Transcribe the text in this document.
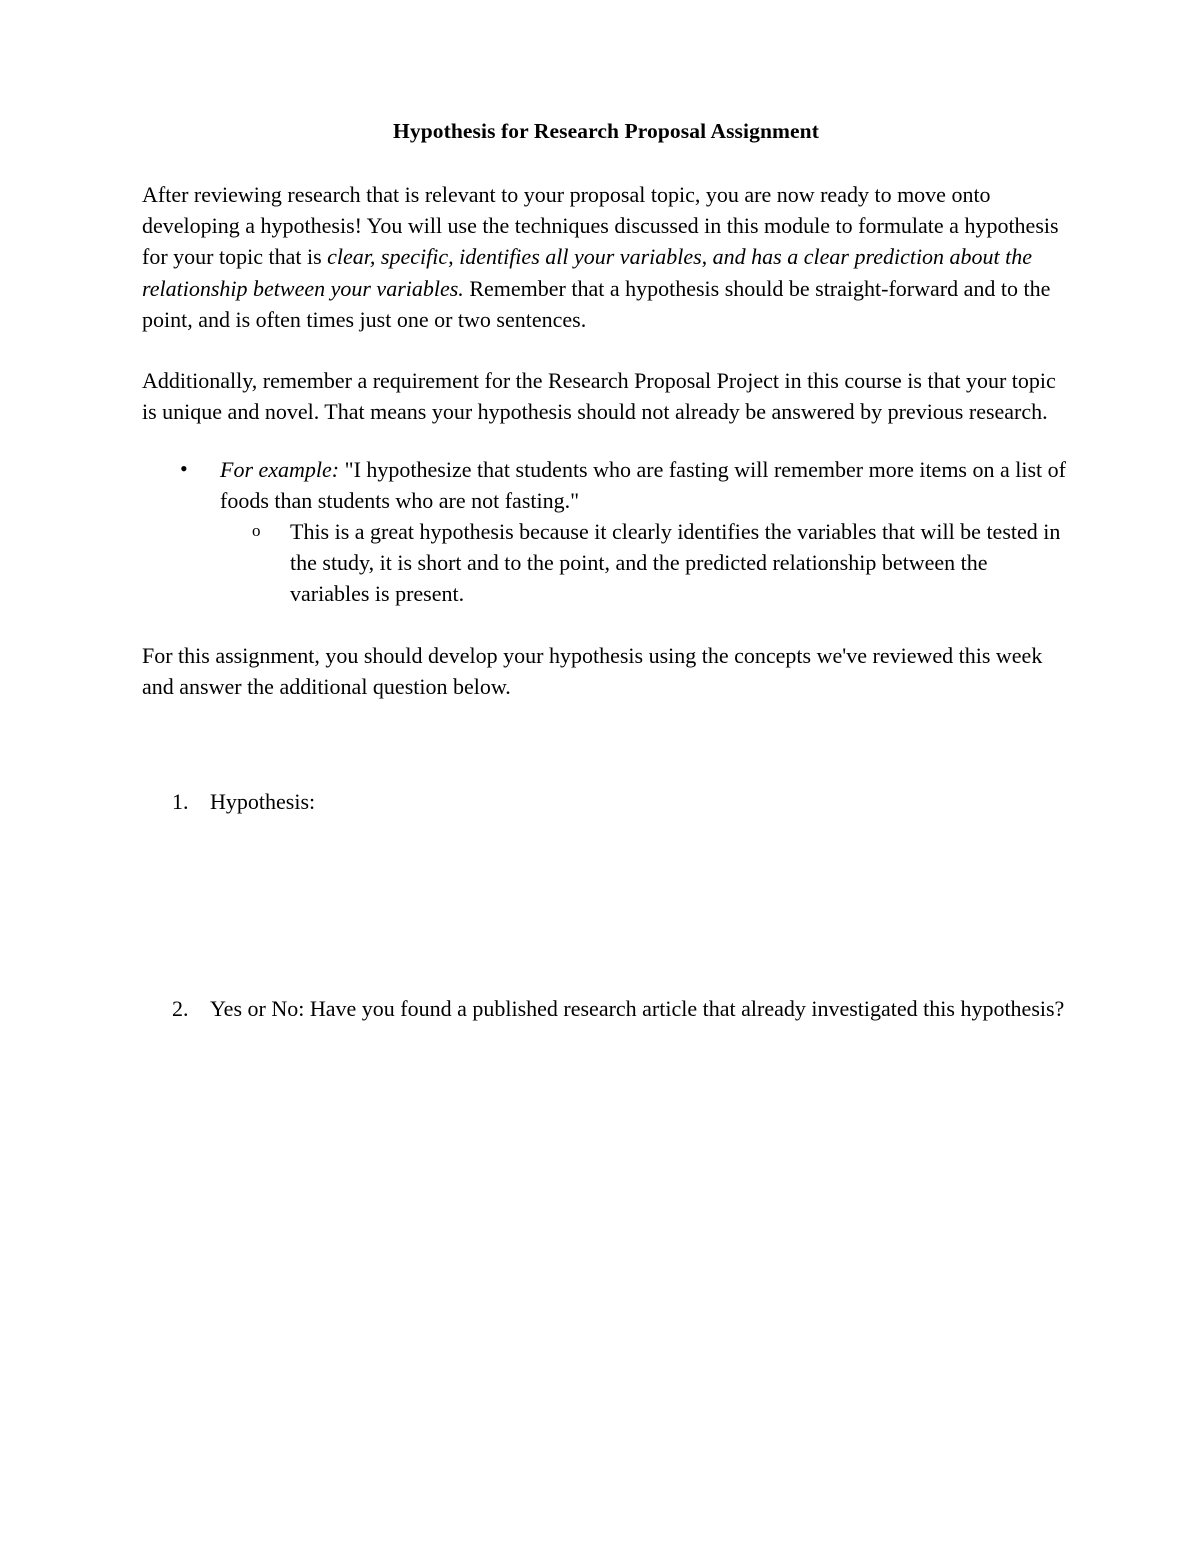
Hypothesis for Research Proposal Assignment

After reviewing research that is relevant to your proposal topic, you are now ready to move onto developing a hypothesis! You will use the techniques discussed in this module to formulate a hypothesis for your topic that is clear, specific, identifies all your variables, and has a clear prediction about the relationship between your variables. Remember that a hypothesis should be straight-forward and to the point, and is often times just one or two sentences.

Additionally, remember a requirement for the Research Proposal Project in this course is that your topic is unique and novel. That means your hypothesis should not already be answered by previous research.

• For example: "I hypothesize that students who are fasting will remember more items on a list of foods than students who are not fasting."
o This is a great hypothesis because it clearly identifies the variables that will be tested in the study, it is short and to the point, and the predicted relationship between the variables is present.

For this assignment, you should develop your hypothesis using the concepts we've reviewed this week and answer the additional question below.

1. Hypothesis:
2. Yes or No: Have you found a published research article that already investigated this hypothesis?
